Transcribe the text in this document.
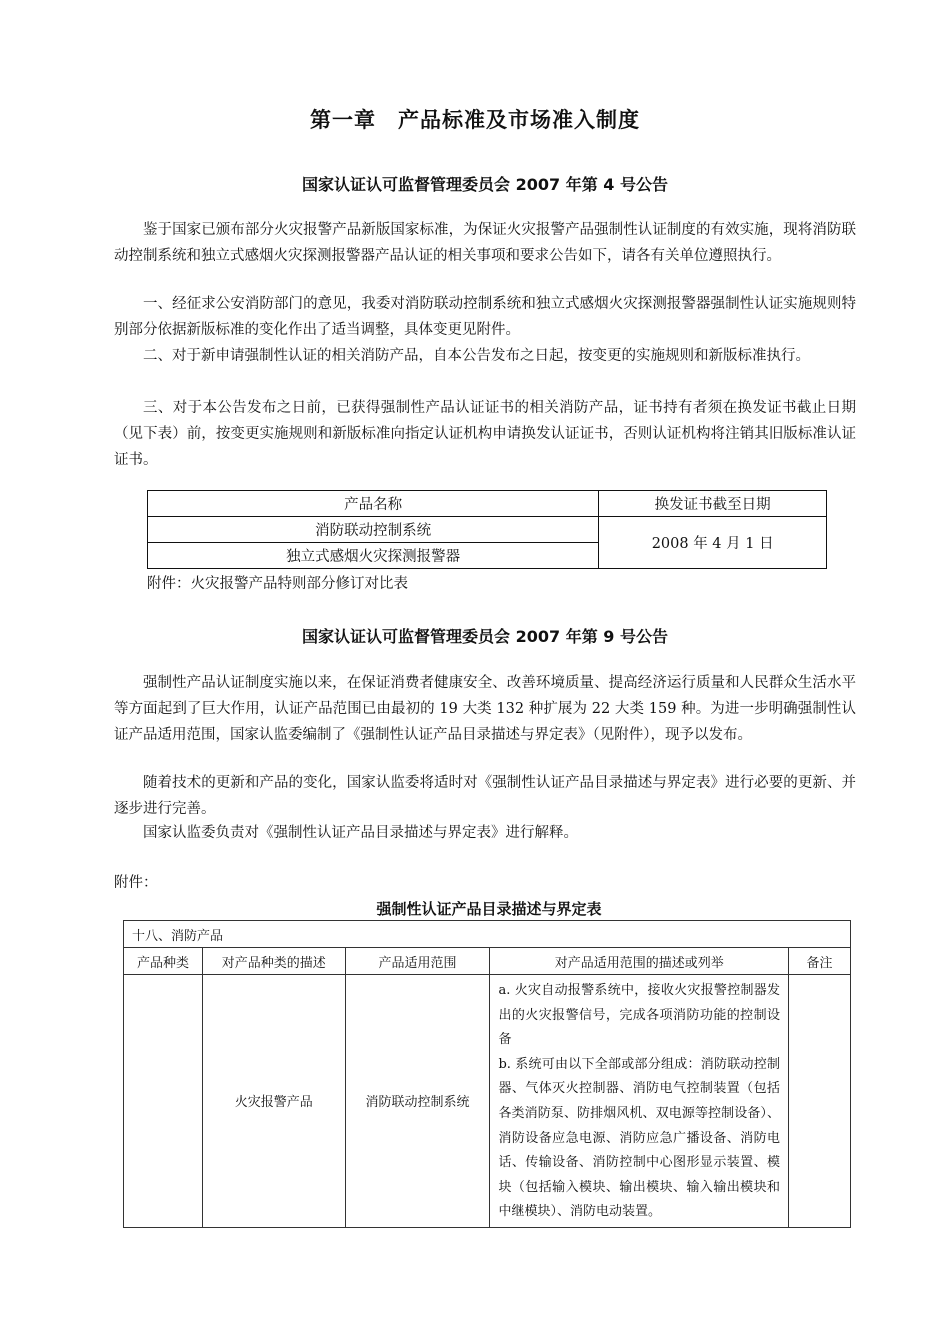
第一章　产品标准及市场准入制度
国家认证认可监督管理委员会 2007 年第 4 号公告

鉴于国家已颁布部分火灾报警产品新版国家标准，为保证火灾报警产品强制性认证制度的有效实施，现将消防联动控制系统和独立式感烟火灾探测报警器产品认证的相关事项和要求公告如下，请各有关单位遵照执行。

一、经征求公安消防部门的意见，我委对消防联动控制系统和独立式感烟火灾探测报警器强制性认证实施规则特别部分依据新版标准的变化作出了适当调整，具体变更见附件。

二、对于新申请强制性认证的相关消防产品，自本公告发布之日起，按变更的实施规则和新版标准执行。

三、对于本公告发布之日前，已获得强制性产品认证证书的相关消防产品，证书持有者须在换发证书截止日期（见下表）前，按变更实施规则和新版标准向指定认证机构申请换发认证证书，否则认证机构将注销其旧版标准认证证书。

产品名称	换发证书截至日期
消防联动控制系统	2008 年 4 月 1 日
独立式感烟火灾探测报警器	
附件：火灾报警产品特则部分修订对比表
国家认证认可监督管理委员会 2007 年第 9 号公告

强制性产品认证制度实施以来，在保证消费者健康安全、改善环境质量、提高经济运行质量和人民群众生活水平等方面起到了巨大作用，认证产品范围已由最初的 19 大类 132 种扩展为 22 大类 159 种。为进一步明确强制性认证产品适用范围，国家认监委编制了《强制性认证产品目录描述与界定表》（见附件），现予以发布。

随着技术的更新和产品的变化，国家认监委将适时对《强制性认证产品目录描述与界定表》进行必要的更新、并逐步进行完善。

国家认监委负责对《强制性认证产品目录描述与界定表》进行解释。

附件：
强制性认证产品目录描述与界定表
十八、消防产品				
产品种类	对产品种类的描述	产品适用范围	对产品适用范围的描述或列举	备注
	火灾报警产品	消防联动控制系统	a. 火灾自动报警系统中，接收火灾报警控制器发出的火灾报警信号，完成各项消防功能的控制设备
b. 系统可由以下全部或部分组成：消防联动控制器、气体灭火控制器、消防电气控制装置（包括各类消防泵、防排烟风机、双电源等控制设备）、消防设备应急电源、消防应急广播设备、消防电话、传输设备、消防控制中心图形显示装置、模块（包括输入模块、输出模块、输入输出模块和中继模块）、消防电动装置。	
